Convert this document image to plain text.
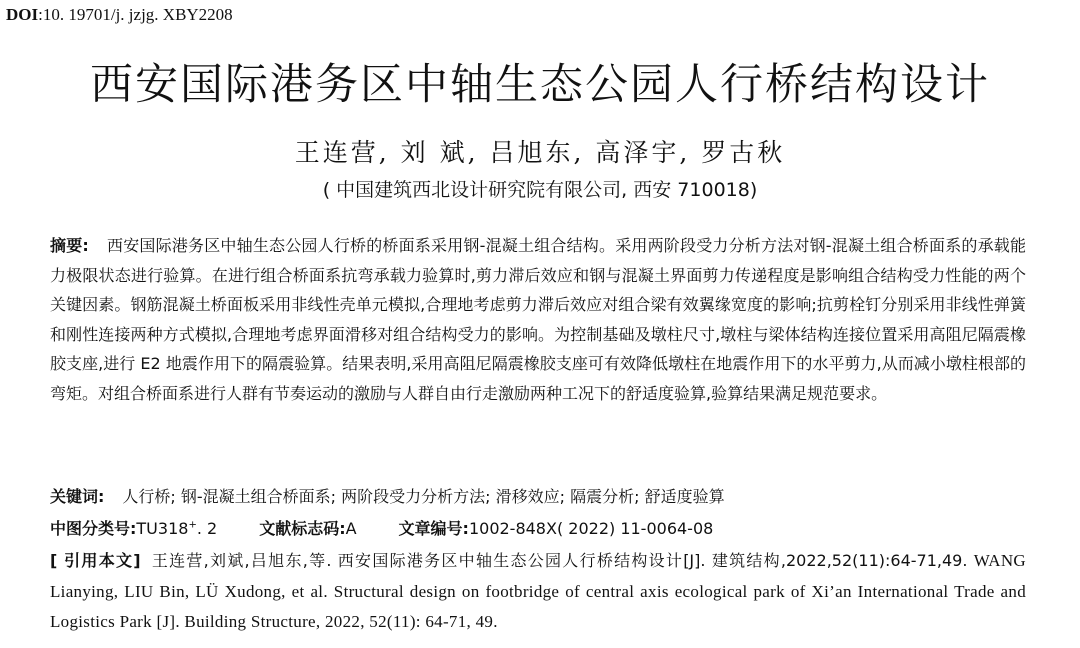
DOI:10. 19701/j. jzjg. XBY2208
西安国际港务区中轴生态公园人行桥结构设计
王连营, 刘 斌, 吕旭东, 高泽宇, 罗古秋
( 中国建筑西北设计研究院有限公司, 西安 710018)
摘要: 西安国际港务区中轴生态公园人行桥的桥面系采用钢-混凝土组合结构。采用两阶段受力分析方法对钢-混凝土组合桥面系的承载能力极限状态进行验算。在进行组合桥面系抗弯承载力验算时,剪力滞后效应和钢与混凝土界面剪力传递程度是影响组合结构受力性能的两个关键因素。钢筋混凝土桥面板采用非线性壳单元模拟,合理地考虑剪力滞后效应对组合梁有效翼缘宽度的影响;抗剪栓钉分别采用非线性弹簧和刚性连接两种方式模拟,合理地考虑界面滑移对组合结构受力的影响。为控制基础及墩柱尺寸,墩柱与梁体结构连接位置采用高阻尼隔震橡胶支座,进行 E2 地震作用下的隔震验算。结果表明,采用高阻尼隔震橡胶支座可有效降低墩柱在地震作用下的水平剪力,从而减小墩柱根部的弯矩。对组合桥面系进行人群有节奏运动的激励与人群自由行走激励两种工况下的舒适度验算,验算结果满足规范要求。
关键词: 人行桥; 钢-混凝土组合桥面系; 两阶段受力分析方法; 滑移效应; 隔震分析; 舒适度验算
中图分类号:TU318+. 2	文献标志码:A	文章编号:1002-848X( 2022) 11-0064-08
[ 引用本文] 王连营,刘斌,吕旭东,等. 西安国际港务区中轴生态公园人行桥结构设计[J]. 建筑结构,2022,52(11):64-71,49. WANG Lianying, LIU Bin, LÜ Xudong, et al. Structural design on footbridge of central axis ecological park of Xi’an International Trade and Logistics Park [J]. Building Structure, 2022, 52(11): 64-71, 49.
